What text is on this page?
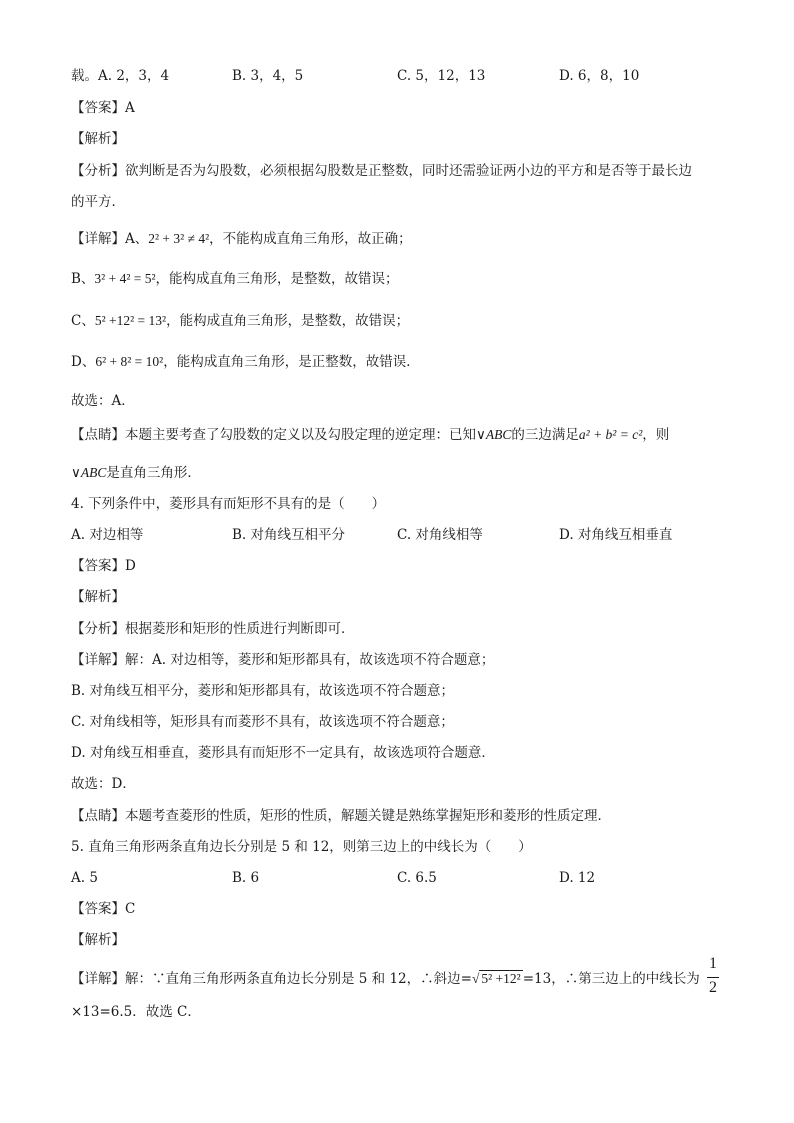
载。A. 2，3，4	B. 3，4，5	C. 5，12，13	D. 6，8，10
【答案】A
【解析】
【分析】欲判断是否为勾股数，必须根据勾股数是正整数，同时还需验证两小边的平方和是否等于最长边
的平方．
【详解】A、2² + 3² ≠ 4²，不能构成直角三角形，故正确；
B、3² + 4² = 5²，能构成直角三角形，是整数，故错误；
C、5² +12² = 13²，能构成直角三角形，是整数，故错误；
D、6² + 8² = 10²，能构成直角三角形，是正整数，故错误．
故选：A．
【点睛】本题主要考查了勾股数的定义以及勾股定理的逆定理：已知∨ABC的三边满足a² + b² = c²，则
∨ABC是直角三角形．
4. 下列条件中，菱形具有而矩形不具有的是（　　）
A. 对边相等	B. 对角线互相平分	C. 对角线相等	D. 对角线互相垂直
【答案】D
【解析】
【分析】根据菱形和矩形的性质进行判断即可．
【详解】解：A. 对边相等，菱形和矩形都具有，故该选项不符合题意；
B. 对角线互相平分，菱形和矩形都具有，故该选项不符合题意；
C. 对角线相等，矩形具有而菱形不具有，故该选项不符合题意；
D. 对角线互相垂直，菱形具有而矩形不一定具有，故该选项符合题意．
故选：D．
【点睛】本题考查菱形的性质，矩形的性质，解题关键是熟练掌握矩形和菱形的性质定理．
5. 直角三角形两条直角边长分别是 5 和 12，则第三边上的中线长为（　　）
A. 5	B. 6	C. 6.5	D. 12
【答案】C
【解析】
【详解】解：∵直角三角形两条直角边长分别是 5 和 12，∴斜边=√ 5² +12² =13，∴第三边上的中线长为
1
2
×13=6.5．故选 C．
